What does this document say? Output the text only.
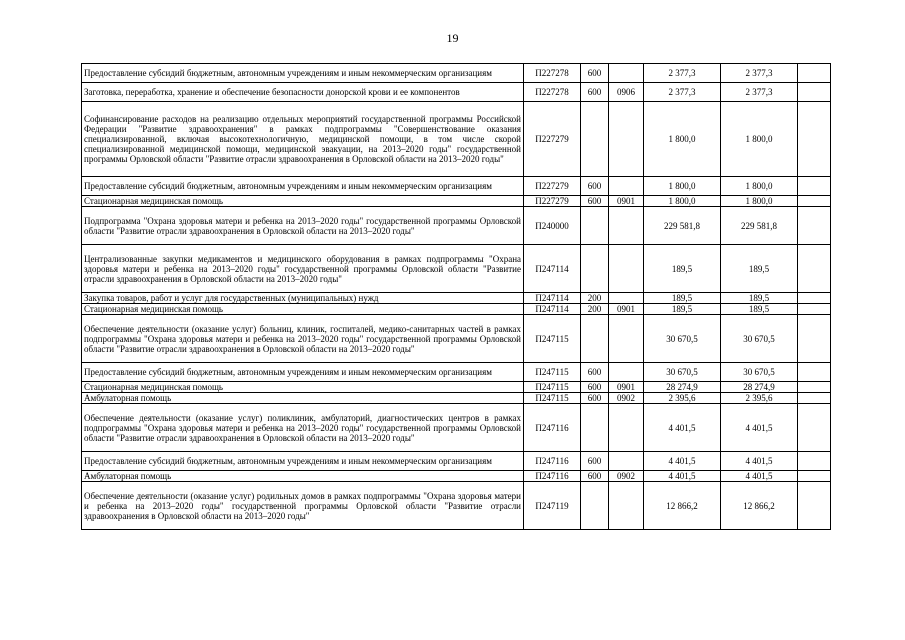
19
Предоставление субсидий бюджетным, автономным учреждениям и иным некоммерческим организациям	П227278	600		2 377,3	2 377,3	
Заготовка, переработка, хранение и обеспечение безопасности донорской крови и ее компонентов	П227278	600	0906	2 377,3	2 377,3	
Софинансирование расходов на реализацию отдельных мероприятий государственной программы Российской Федерации "Развитие здравоохранения" в рамках подпрограммы "Совершенствование оказания специализированной, включая высокотехнологичную, медицинской помощи, в том числе скорой специализированной медицинской помощи, медицинской эвакуации, на 2013–2020 годы" государственной программы Орловской области "Развитие отрасли здравоохранения в Орловской области на 2013–2020 годы"	П227279			1 800,0	1 800,0	
Предоставление субсидий бюджетным, автономным учреждениям и иным некоммерческим организациям	П227279	600		1 800,0	1 800,0	
Стационарная медицинская помощь	П227279	600	0901	1 800,0	1 800,0	
Подпрограмма "Охрана здоровья матери и ребенка на 2013–2020 годы" государственной программы Орловской области "Развитие отрасли здравоохранения в Орловской области на 2013–2020 годы"	П240000			229 581,8	229 581,8	
Централизованные закупки медикаментов и медицинского оборудования в рамках подпрограммы "Охрана здоровья матери и ребенка на 2013–2020 годы" государственной программы Орловской области "Развитие отрасли здравоохранения в Орловской области на 2013–2020 годы"	П247114			189,5	189,5	
Закупка товаров, работ и услуг для государственных (муниципальных) нужд	П247114	200		189,5	189,5	
Стационарная медицинская помощь	П247114	200	0901	189,5	189,5	
Обеспечение деятельности (оказание услуг) больниц, клиник, госпиталей, медико-санитарных частей в рамках подпрограммы "Охрана здоровья матери и ребенка на 2013–2020 годы" государственной программы Орловской области "Развитие отрасли здравоохранения в Орловской области на 2013–2020 годы"	П247115			30 670,5	30 670,5	
Предоставление субсидий бюджетным, автономным учреждениям и иным некоммерческим организациям	П247115	600		30 670,5	30 670,5	
Стационарная медицинская помощь	П247115	600	0901	28 274,9	28 274,9	
Амбулаторная помощь	П247115	600	0902	2 395,6	2 395,6	
Обеспечение деятельности (оказание услуг) поликлиник, амбулаторий, диагностических центров в рамках подпрограммы "Охрана здоровья матери и ребенка на 2013–2020 годы" государственной программы Орловской области "Развитие отрасли здравоохранения в Орловской области на 2013–2020 годы"	П247116			4 401,5	4 401,5	
Предоставление субсидий бюджетным, автономным учреждениям и иным некоммерческим организациям	П247116	600		4 401,5	4 401,5	
Амбулаторная помощь	П247116	600	0902	4 401,5	4 401,5	
Обеспечение деятельности (оказание услуг) родильных домов в рамках подпрограммы "Охрана здоровья матери и ребенка на 2013–2020 годы" государственной программы Орловской области "Развитие отрасли здравоохранения в Орловской области на 2013–2020 годы"	П247119			12 866,2	12 866,2	
